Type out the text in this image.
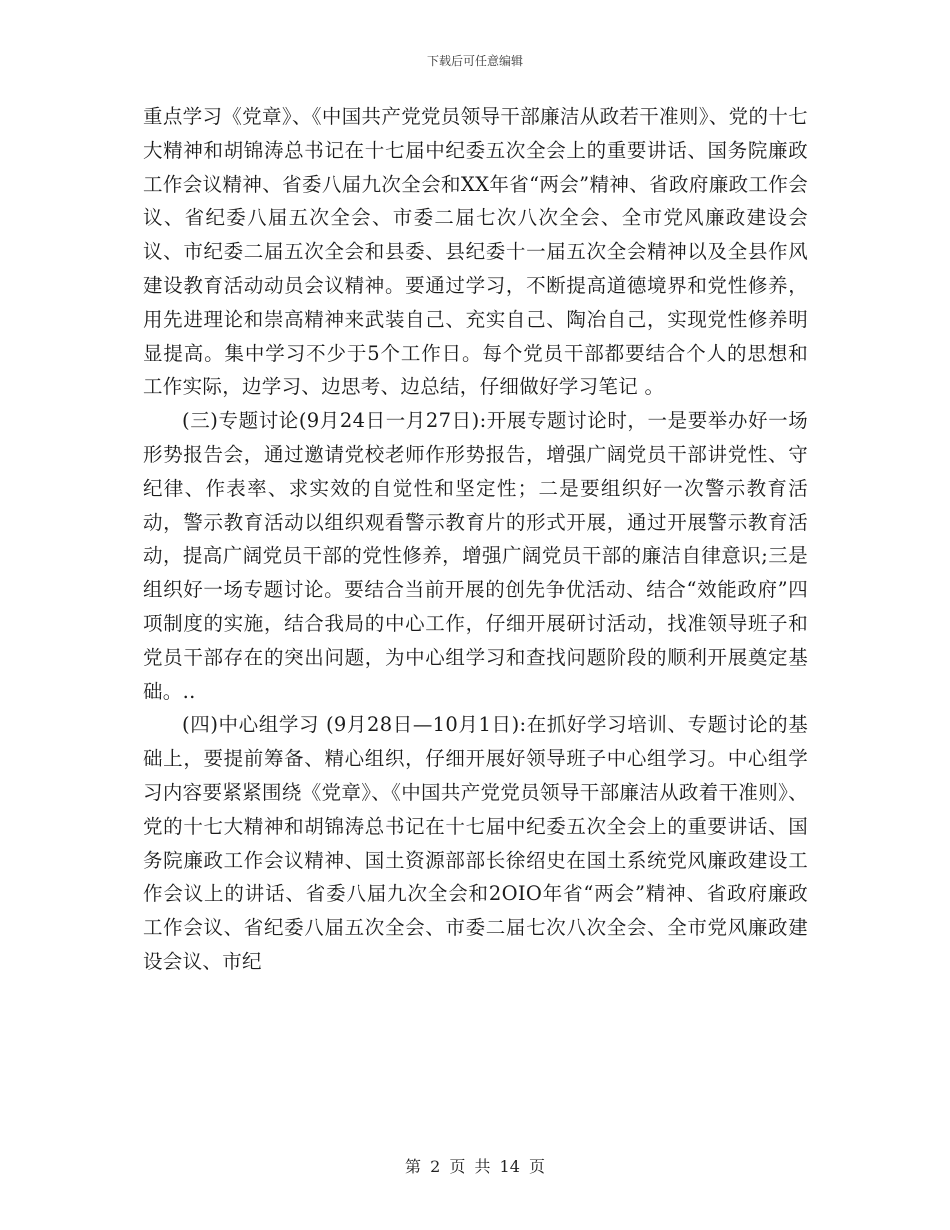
下载后可任意编辑

重点学习《党章》、《中国共产党党员领导干部廉洁从政若干准则》、党的十七大精神和胡锦涛总书记在十七届中纪委五次全会上的重要讲话、国务院廉政工作会议精神、省委八届九次全会和XX年省“两会”精神、省政府廉政工作会议、省纪委八届五次全会、市委二届七次八次全会、全市党风廉政建设会议、市纪委二届五次全会和县委、县纪委十一届五次全会精神以及全县作风建设教育活动动员会议精神。要通过学习，不断提高道德境界和党性修养，用先进理论和崇高精神来武装自己、充实自己、陶冶自己，实现党性修养明显提高。集中学习不少于5个工作日。每个党员干部都要结合个人的思想和工作实际，边学习、边思考、边总结，仔细做好学习笔记 。

(三)专题讨论(9月24日一月27日):开展专题讨论时，一是要举办好一场形势报告会，通过邀请党校老师作形势报告，增强广阔党员干部讲党性、守纪律、作表率、求实效的自觉性和坚定性；二是要组织好一次警示教育活动，警示教育活动以组织观看警示教育片的形式开展，通过开展警示教育活动，提高广阔党员干部的党性修养，增强广阔党员干部的廉洁自律意识;三是组织好一场专题讨论。要结合当前开展的创先争优活动、结合“效能政府”四项制度的实施，结合我局的中心工作，仔细开展研讨活动，找准领导班子和党员干部存在的突出问题，为中心组学习和查找问题阶段的顺利开展奠定基础。..

(四)中心组学习 (9月28日—10月1日):在抓好学习培训、专题讨论的基础上，要提前筹备、精心组织，仔细开展好领导班子中心组学习。中心组学习内容要紧紧围绕《党章》、《中国共产党党员领导干部廉洁从政着干准则》、党的十七大精神和胡锦涛总书记在十七届中纪委五次全会上的重要讲话、国务院廉政工作会议精神、国土资源部部长徐绍史在国土系统党风廉政建设工作会议上的讲话、省委八届九次全会和2OIO年省“两会”精神、省政府廉政工作会议、省纪委八届五次全会、市委二届七次八次全会、全市党风廉政建设会议、市纪

第 2 页 共 14 页
